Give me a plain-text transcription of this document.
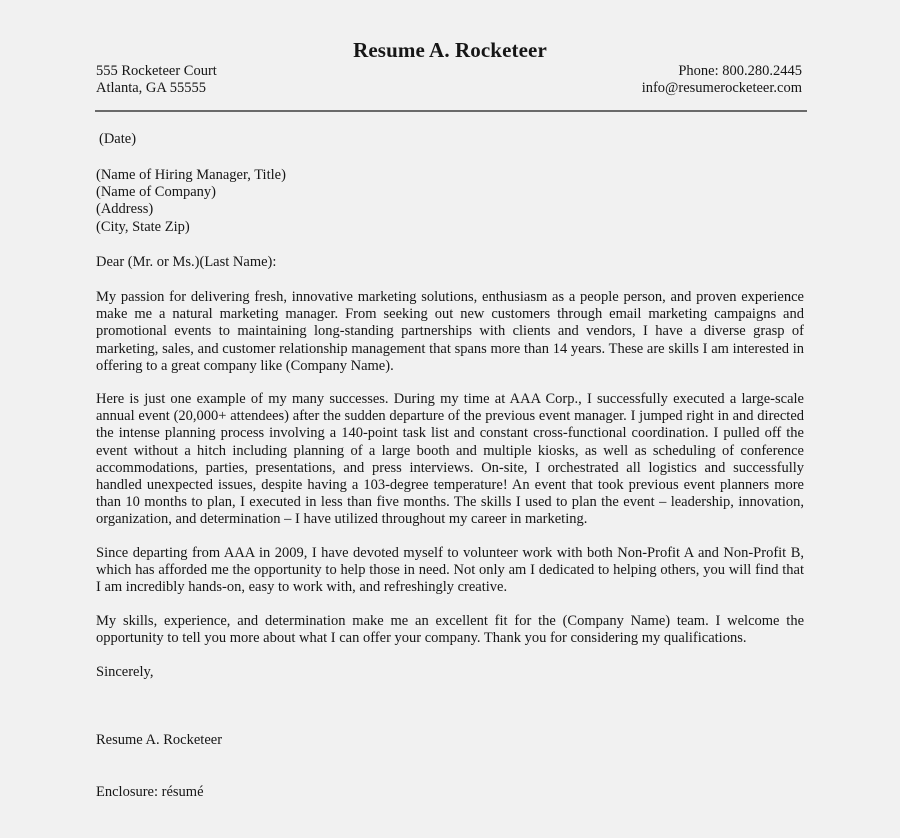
Resume A. Rocketeer
555 Rocketeer Court
Atlanta, GA 55555
Phone: 800.280.2445
info@resumerocketeer.com
(Date)
(Name of Hiring Manager, Title)
(Name of Company)
(Address)
(City, State Zip)
Dear (Mr. or Ms.)(Last Name):
My passion for delivering fresh, innovative marketing solutions, enthusiasm as a people person, and proven experience make me a natural marketing manager. From seeking out new customers through email marketing campaigns and promotional events to maintaining long-standing partnerships with clients and vendors, I have a diverse grasp of marketing, sales, and customer relationship management that spans more than 14 years. These are skills I am interested in offering to a great company like (Company Name).
Here is just one example of my many successes. During my time at AAA Corp., I successfully executed a large-scale annual event (20,000+ attendees) after the sudden departure of the previous event manager. I jumped right in and directed the intense planning process involving a 140-point task list and constant cross-functional coordination. I pulled off the event without a hitch including planning of a large booth and multiple kiosks, as well as scheduling of conference accommodations, parties, presentations, and press interviews. On-site, I orchestrated all logistics and successfully handled unexpected issues, despite having a 103-degree temperature! An event that took previous event planners more than 10 months to plan, I executed in less than five months. The skills I used to plan the event – leadership, innovation, organization, and determination – I have utilized throughout my career in marketing.
Since departing from AAA in 2009, I have devoted myself to volunteer work with both Non-Profit A and Non-Profit B, which has afforded me the opportunity to help those in need. Not only am I dedicated to helping others, you will find that I am incredibly hands-on, easy to work with, and refreshingly creative.
My skills, experience, and determination make me an excellent fit for the (Company Name) team. I welcome the opportunity to tell you more about what I can offer your company. Thank you for considering my qualifications.
Sincerely,
Resume A. Rocketeer
Enclosure: résumé
